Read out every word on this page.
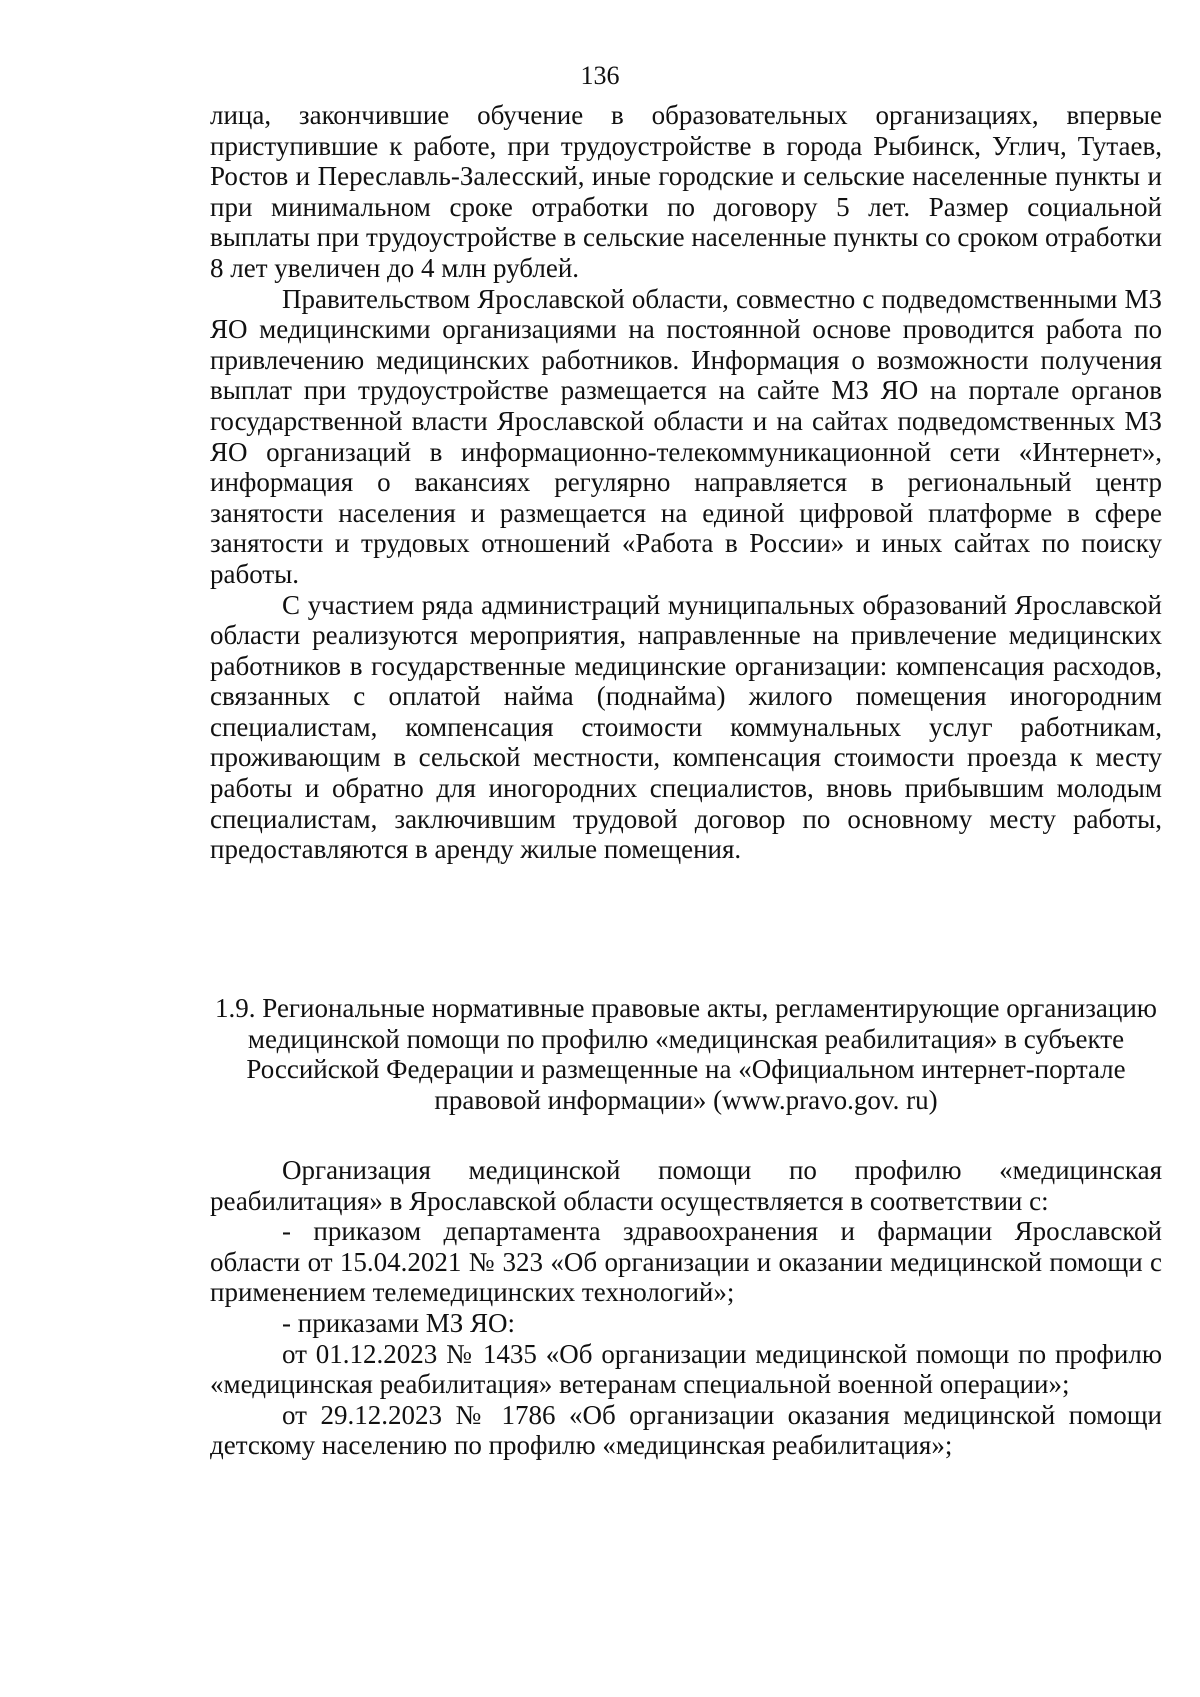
136

лица, закончившие обучение в образовательных организациях, впервые приступившие к работе, при трудоустройстве в города Рыбинск, Углич, Тутаев, Ростов и Переславль-Залесский, иные городские и сельские населенные пункты и при минимальном сроке отработки по договору 5 лет. Размер социальной выплаты при трудоустройстве в сельские населенные пункты со сроком отработки 8 лет увеличен до 4 млн рублей.

Правительством Ярославской области, совместно с подведомственными МЗ ЯО медицинскими организациями на постоянной основе проводится работа по привлечению медицинских работников. Информация о возможности получения выплат при трудоустройстве размещается на сайте МЗ ЯО на портале органов государственной власти Ярославской области и на сайтах подведомственных МЗ ЯО организаций в информационно-телекоммуникационной сети «Интернет», информация о вакансиях регулярно направляется в региональный центр занятости населения и размещается на единой цифровой платформе в сфере занятости и трудовых отношений «Работа в России» и иных сайтах по поиску работы.

С участием ряда администраций муниципальных образований Ярославской области реализуются мероприятия, направленные на привлечение медицинских работников в государственные медицинские организации: компенсация расходов, связанных с оплатой найма (поднайма) жилого помещения иногородним специалистам, компенсация стоимости коммунальных услуг работникам, проживающим в сельской местности, компенсация стоимости проезда к месту работы и обратно для иногородних специалистов, вновь прибывшим молодым специалистам, заключившим трудовой договор по основному месту работы, предоставляются в аренду жилые помещения.

1.9. Региональные нормативные правовые акты, регламентирующие организацию медицинской помощи по профилю «медицинская реабилитация» в субъекте Российской Федерации и размещенные на «Официальном интернет-портале правовой информации» (www.pravo.gov. ru)

Организация медицинской помощи по профилю «медицинская реабилитация» в Ярославской области осуществляется в соответствии с:

- приказом департамента здравоохранения и фармации Ярославской области от 15.04.2021 № 323 «Об организации и оказании медицинской помощи с применением телемедицинских технологий»;

- приказами МЗ ЯО:

от 01.12.2023 № 1435 «Об организации медицинской помощи по профилю «медицинская реабилитация» ветеранам специальной военной операции»;

от 29.12.2023 № 1786 «Об организации оказания медицинской помощи детскому населению по профилю «медицинская реабилитация»;
